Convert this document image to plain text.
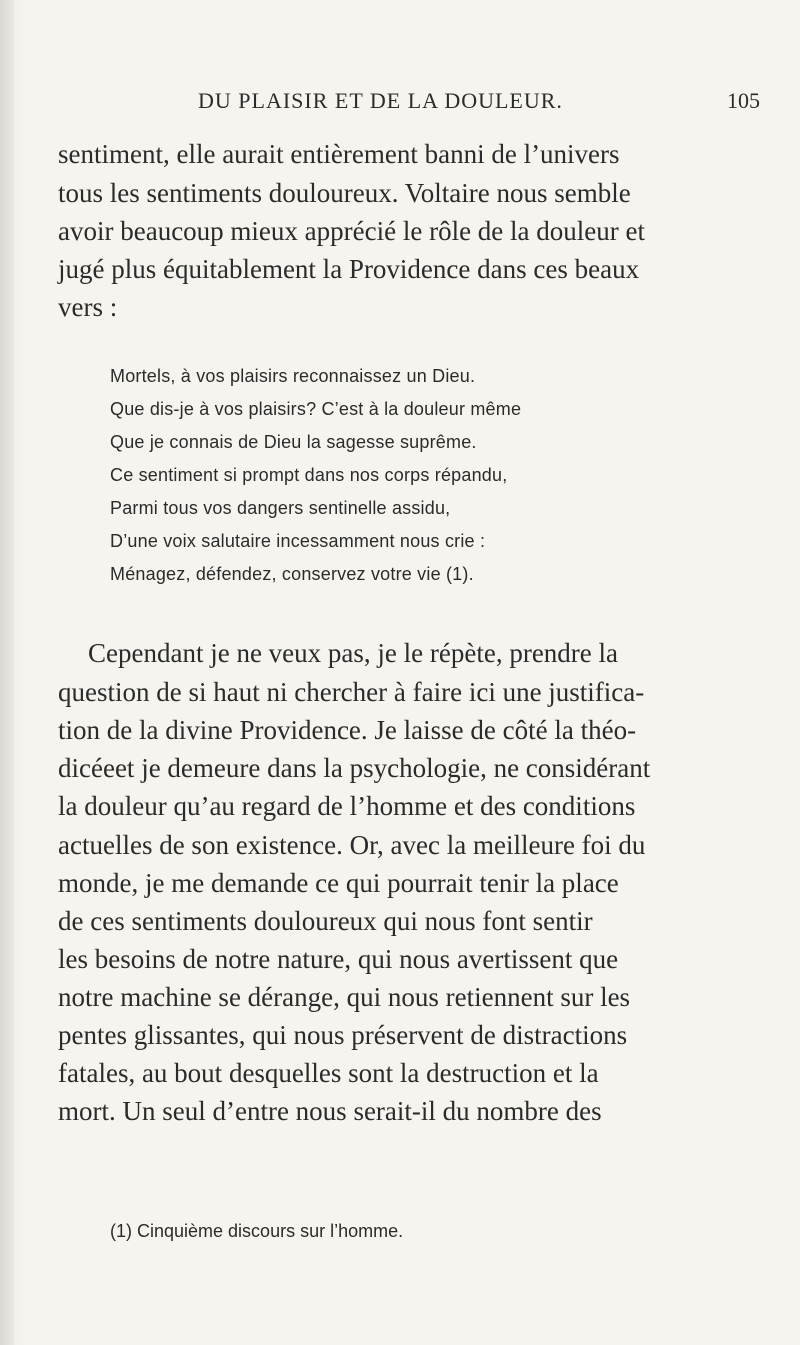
DU PLAISIR ET DE LA DOULEUR.	105
sentiment, elle aurait entièrement banni de l’univers
tous les sentiments douloureux. Voltaire nous semble
avoir beaucoup mieux apprécié le rôle de la douleur et
jugé plus équitablement la Providence dans ces beaux
vers :
Mortels, à vos plaisirs reconnaissez un Dieu.
Que dis-je à vos plaisirs? C’est à la douleur même
Que je connais de Dieu la sagesse suprême.
Ce sentiment si prompt dans nos corps répandu,
Parmi tous vos dangers sentinelle assidu,
D’une voix salutaire incessamment nous crie :
Ménagez, défendez, conservez votre vie (1).
Cependant je ne veux pas, je le répète, prendre la
question de si haut ni chercher à faire ici une justifica-
tion de la divine Providence. Je laisse de côté la théo-
dicéeet je demeure dans la psychologie, ne considérant
la douleur qu’au regard de l’homme et des conditions
actuelles de son existence. Or, avec la meilleure foi du
monde, je me demande ce qui pourrait tenir la place
de ces sentiments douloureux qui nous font sentir
les besoins de notre nature, qui nous avertissent que
notre machine se dérange, qui nous retiennent sur les
pentes glissantes, qui nous préservent de distractions
fatales, au bout desquelles sont la destruction et la
mort. Un seul d’entre nous serait-il du nombre des
(1) Cinquième discours sur l’homme.
